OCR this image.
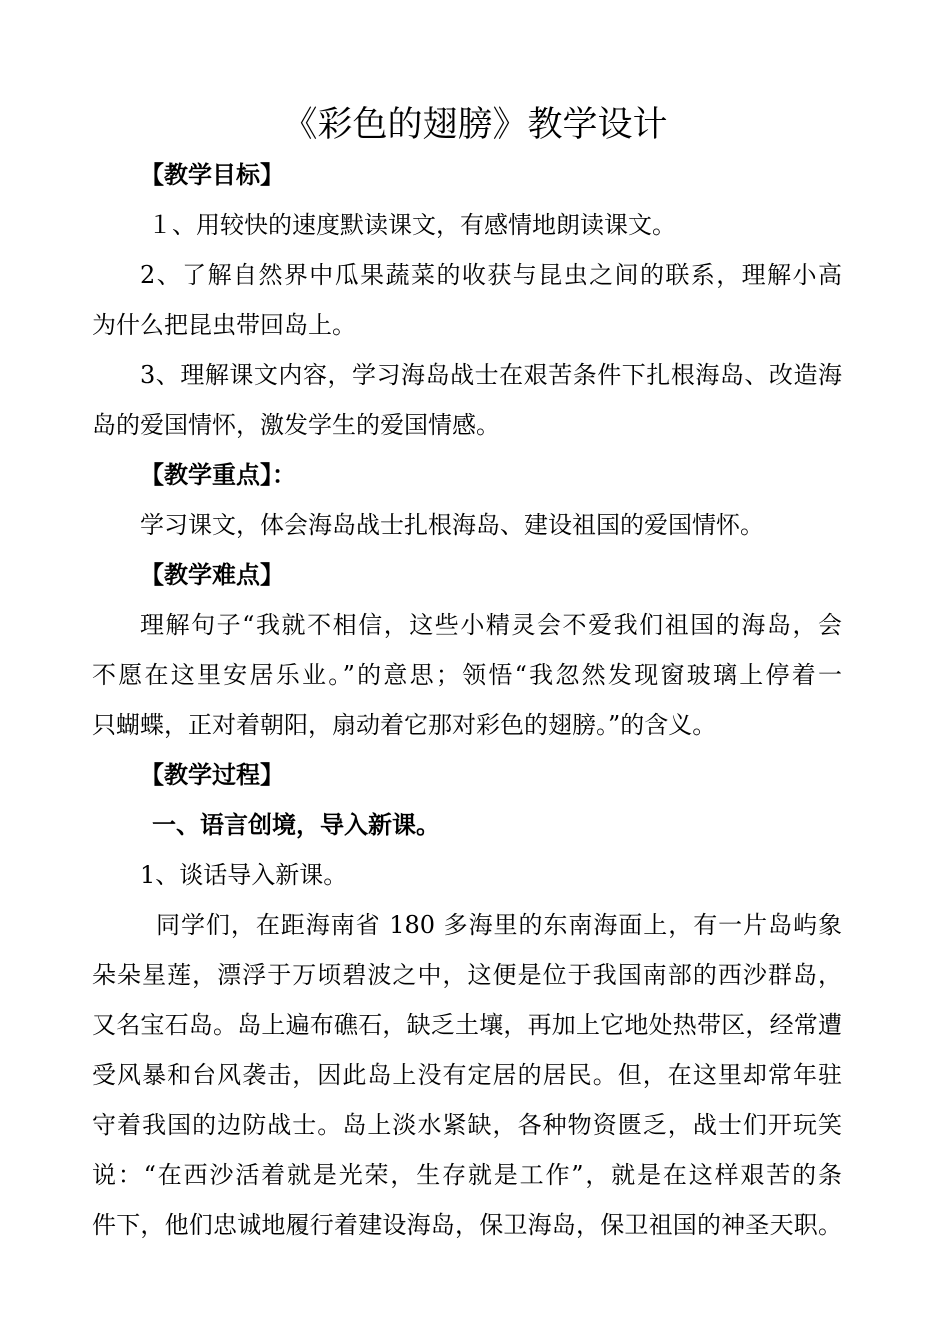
《彩色的翅膀》教学设计
【教学目标】
１、用较快的速度默读课文，有感情地朗读课文。
2、了解自然界中瓜果蔬菜的收获与昆虫之间的联系，理解小高
为什么把昆虫带回岛上。
3、理解课文内容，学习海岛战士在艰苦条件下扎根海岛、改造海
岛的爱国情怀，激发学生的爱国情感。
【教学重点】：
学习课文，体会海岛战士扎根海岛、建设祖国的爱国情怀。
【教学难点】
理解句子“我就不相信，这些小精灵会不爱我们祖国的海岛，会
不愿在这里安居乐业。”的意思；领悟“我忽然发现窗玻璃上停着一
只蝴蝶，正对着朝阳，扇动着它那对彩色的翅膀。”的含义。
【教学过程】
一、语言创境，导入新课。
1、谈话导入新课。
同学们，在距海南省 180 多海里的东南海面上，有一片岛屿象
朵朵星莲，漂浮于万顷碧波之中，这便是位于我国南部的西沙群岛，
又名宝石岛。岛上遍布礁石，缺乏土壤，再加上它地处热带区，经常遭
受风暴和台风袭击，因此岛上没有定居的居民。但，在这里却常年驻
守着我国的边防战士。岛上淡水紧缺，各种物资匮乏，战士们开玩笑
说：“在西沙活着就是光荣，生存就是工作”，就是在这样艰苦的条
件下，他们忠诚地履行着建设海岛，保卫海岛，保卫祖国的神圣天职。
